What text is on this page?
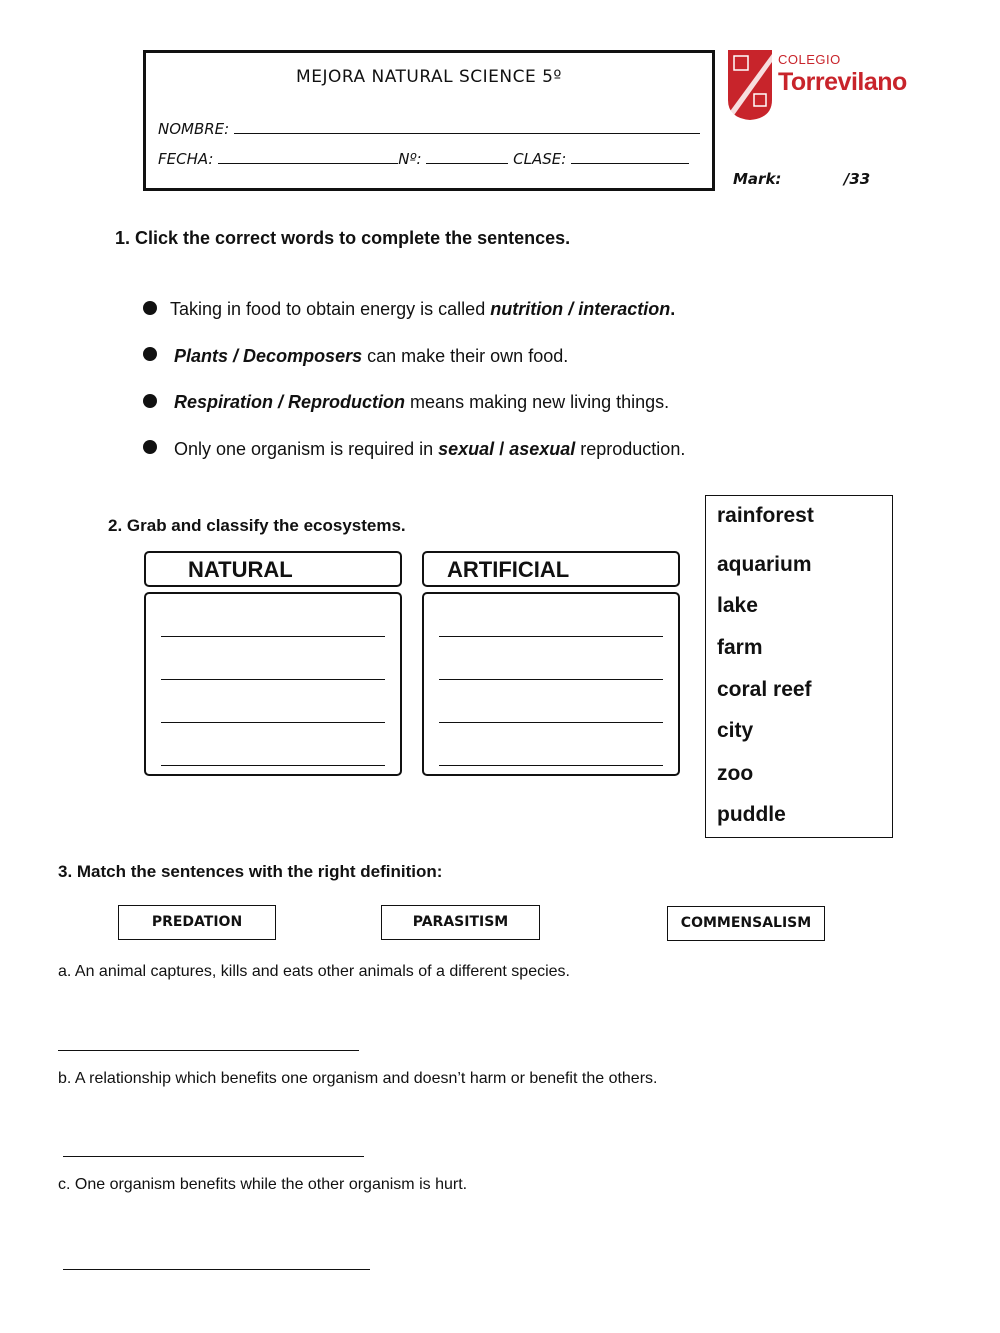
MEJORA NATURAL SCIENCE 5º
NOMBRE:
FECHA:	Nº:	CLASE:
COLEGIO
Torrevilano
Mark:	/33
1. Click the correct words to complete the sentences.
Taking in food to obtain energy is called nutrition / interaction.
Plants / Decomposers can make their own food.
Respiration / Reproduction means making new living things.
Only one organism is required in sexual / asexual reproduction.
2. Grab and classify the ecosystems.
NATURAL	ARTIFICIAL
rainforest
aquarium
lake
farm
coral reef
city
zoo
puddle
3. Match the sentences with the right definition:
PREDATION	PARASITISM	COMMENSALISM
a. An animal captures, kills and eats other animals of a different species.
b. A relationship which benefits one organism and doesn’t harm or benefit the others.
c. One organism benefits while the other organism is hurt.
